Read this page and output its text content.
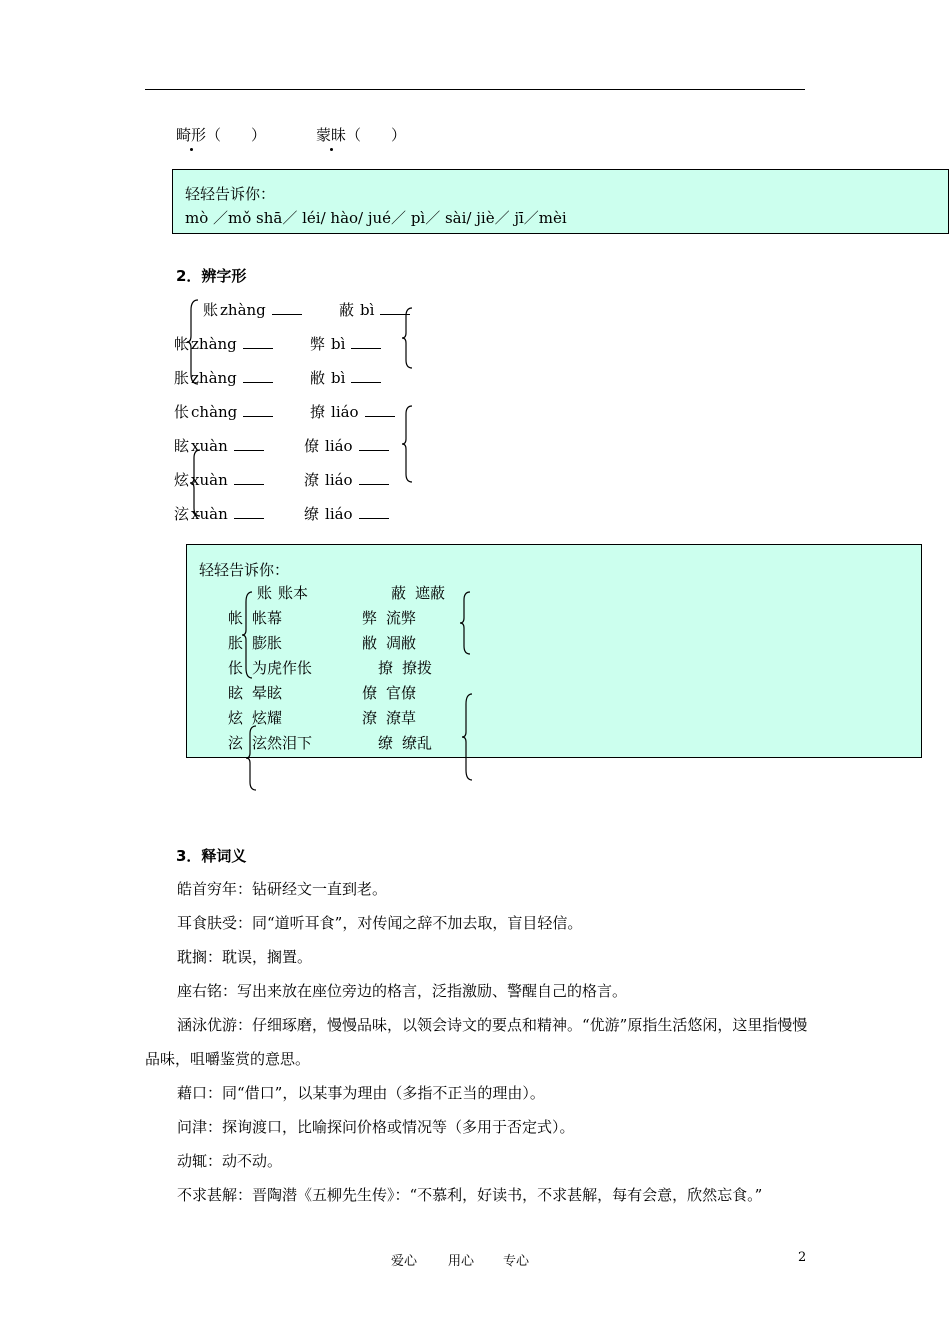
畸形（　　）	蒙昧（　　）
轻轻告诉你：
mò ／mǒ shā／ léi/ hào/ jué／ pì／ sài/ jiè／ jī／mèi
2．辨字形
账 zhàng
帐 zhàng
胀 zhàng
伥 chàng
眩 xuàn
炫 xuàn
泫 xuàn
蔽 bì
弊 bì
敝 bì
撩 liáo
僚 liáo
潦 liáo
缭 liáo
轻轻告诉你：
账 账本
帐 帐幕
胀 膨胀
伥 为虎作伥
眩 晕眩
炫 炫耀
泫 泫然泪下
蔽 遮蔽
弊 流弊
敝 凋敝
撩 撩拨
僚 官僚
潦 潦草
缭 缭乱
3．释词义
皓首穷年：钻研经文一直到老。
耳食肤受：同“道听耳食”，对传闻之辞不加去取，盲目轻信。
耽搁：耽误，搁置。
座右铭：写出来放在座位旁边的格言，泛指激励、警醒自己的格言。
涵泳优游：仔细琢磨，慢慢品味，以领会诗文的要点和精神。“优游”原指生活悠闲，这里指慢慢品味，咀嚼鉴赏的意思。
藉口：同“借口”，以某事为理由（多指不正当的理由）。
问津：探询渡口，比喻探问价格或情况等（多用于否定式）。
动辄：动不动。
不求甚解：晋陶潜《五柳先生传》：“不慕利，好读书，不求甚解，每有会意，欣然忘食。”
爱心 用心 专心	2
